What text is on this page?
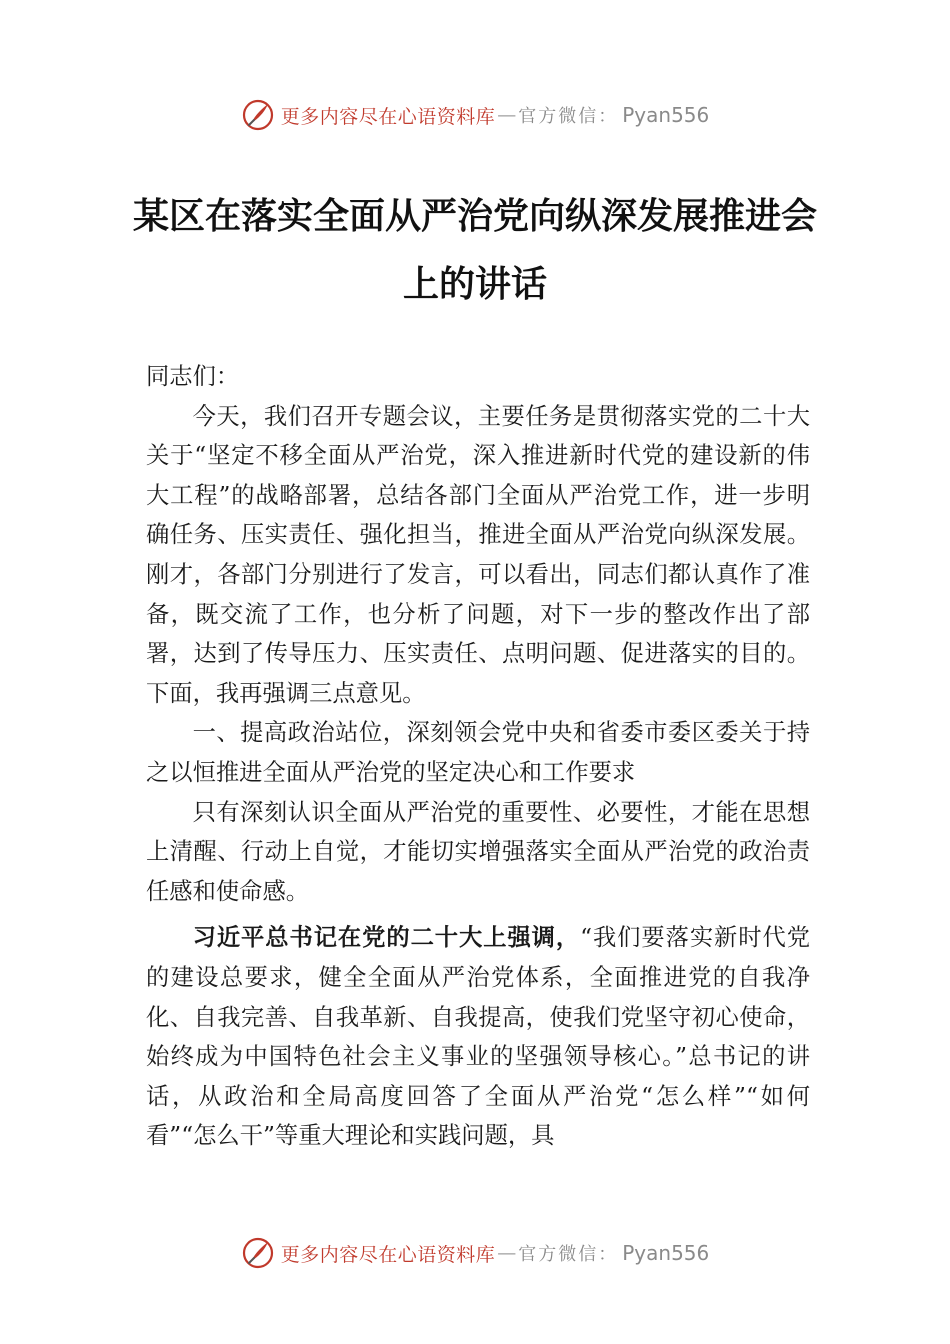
更多内容尽在心语资料库 — 官方微信： Pyan556
某区在落实全面从严治党向纵深发展推进会上的讲话

同志们：

今天，我们召开专题会议，主要任务是贯彻落实党的二十大关于“坚定不移全面从严治党，深入推进新时代党的建设新的伟大工程”的战略部署，总结各部门全面从严治党工作，进一步明确任务、压实责任、强化担当，推进全面从严治党向纵深发展。刚才，各部门分别进行了发言，可以看出，同志们都认真作了准备，既交流了工作，也分析了问题，对下一步的整改作出了部署，达到了传导压力、压实责任、点明问题、促进落实的目的。下面，我再强调三点意见。

一、提高政治站位，深刻领会党中央和省委市委区委关于持之以恒推进全面从严治党的坚定决心和工作要求

只有深刻认识全面从严治党的重要性、必要性，才能在思想上清醒、行动上自觉，才能切实增强落实全面从严治党的政治责任感和使命感。

习近平总书记在党的二十大上强调，“我们要落实新时代党的建设总要求，健全全面从严治党体系，全面推进党的自我净化、自我完善、自我革新、自我提高，使我们党坚守初心使命，始终成为中国特色社会主义事业的坚强领导核心。”总书记的讲话，从政治和全局高度回答了全面从严治党“怎么样”“如何看”“怎么干”等重大理论和实践问题，具

更多内容尽在心语资料库 — 官方微信： Pyan556
